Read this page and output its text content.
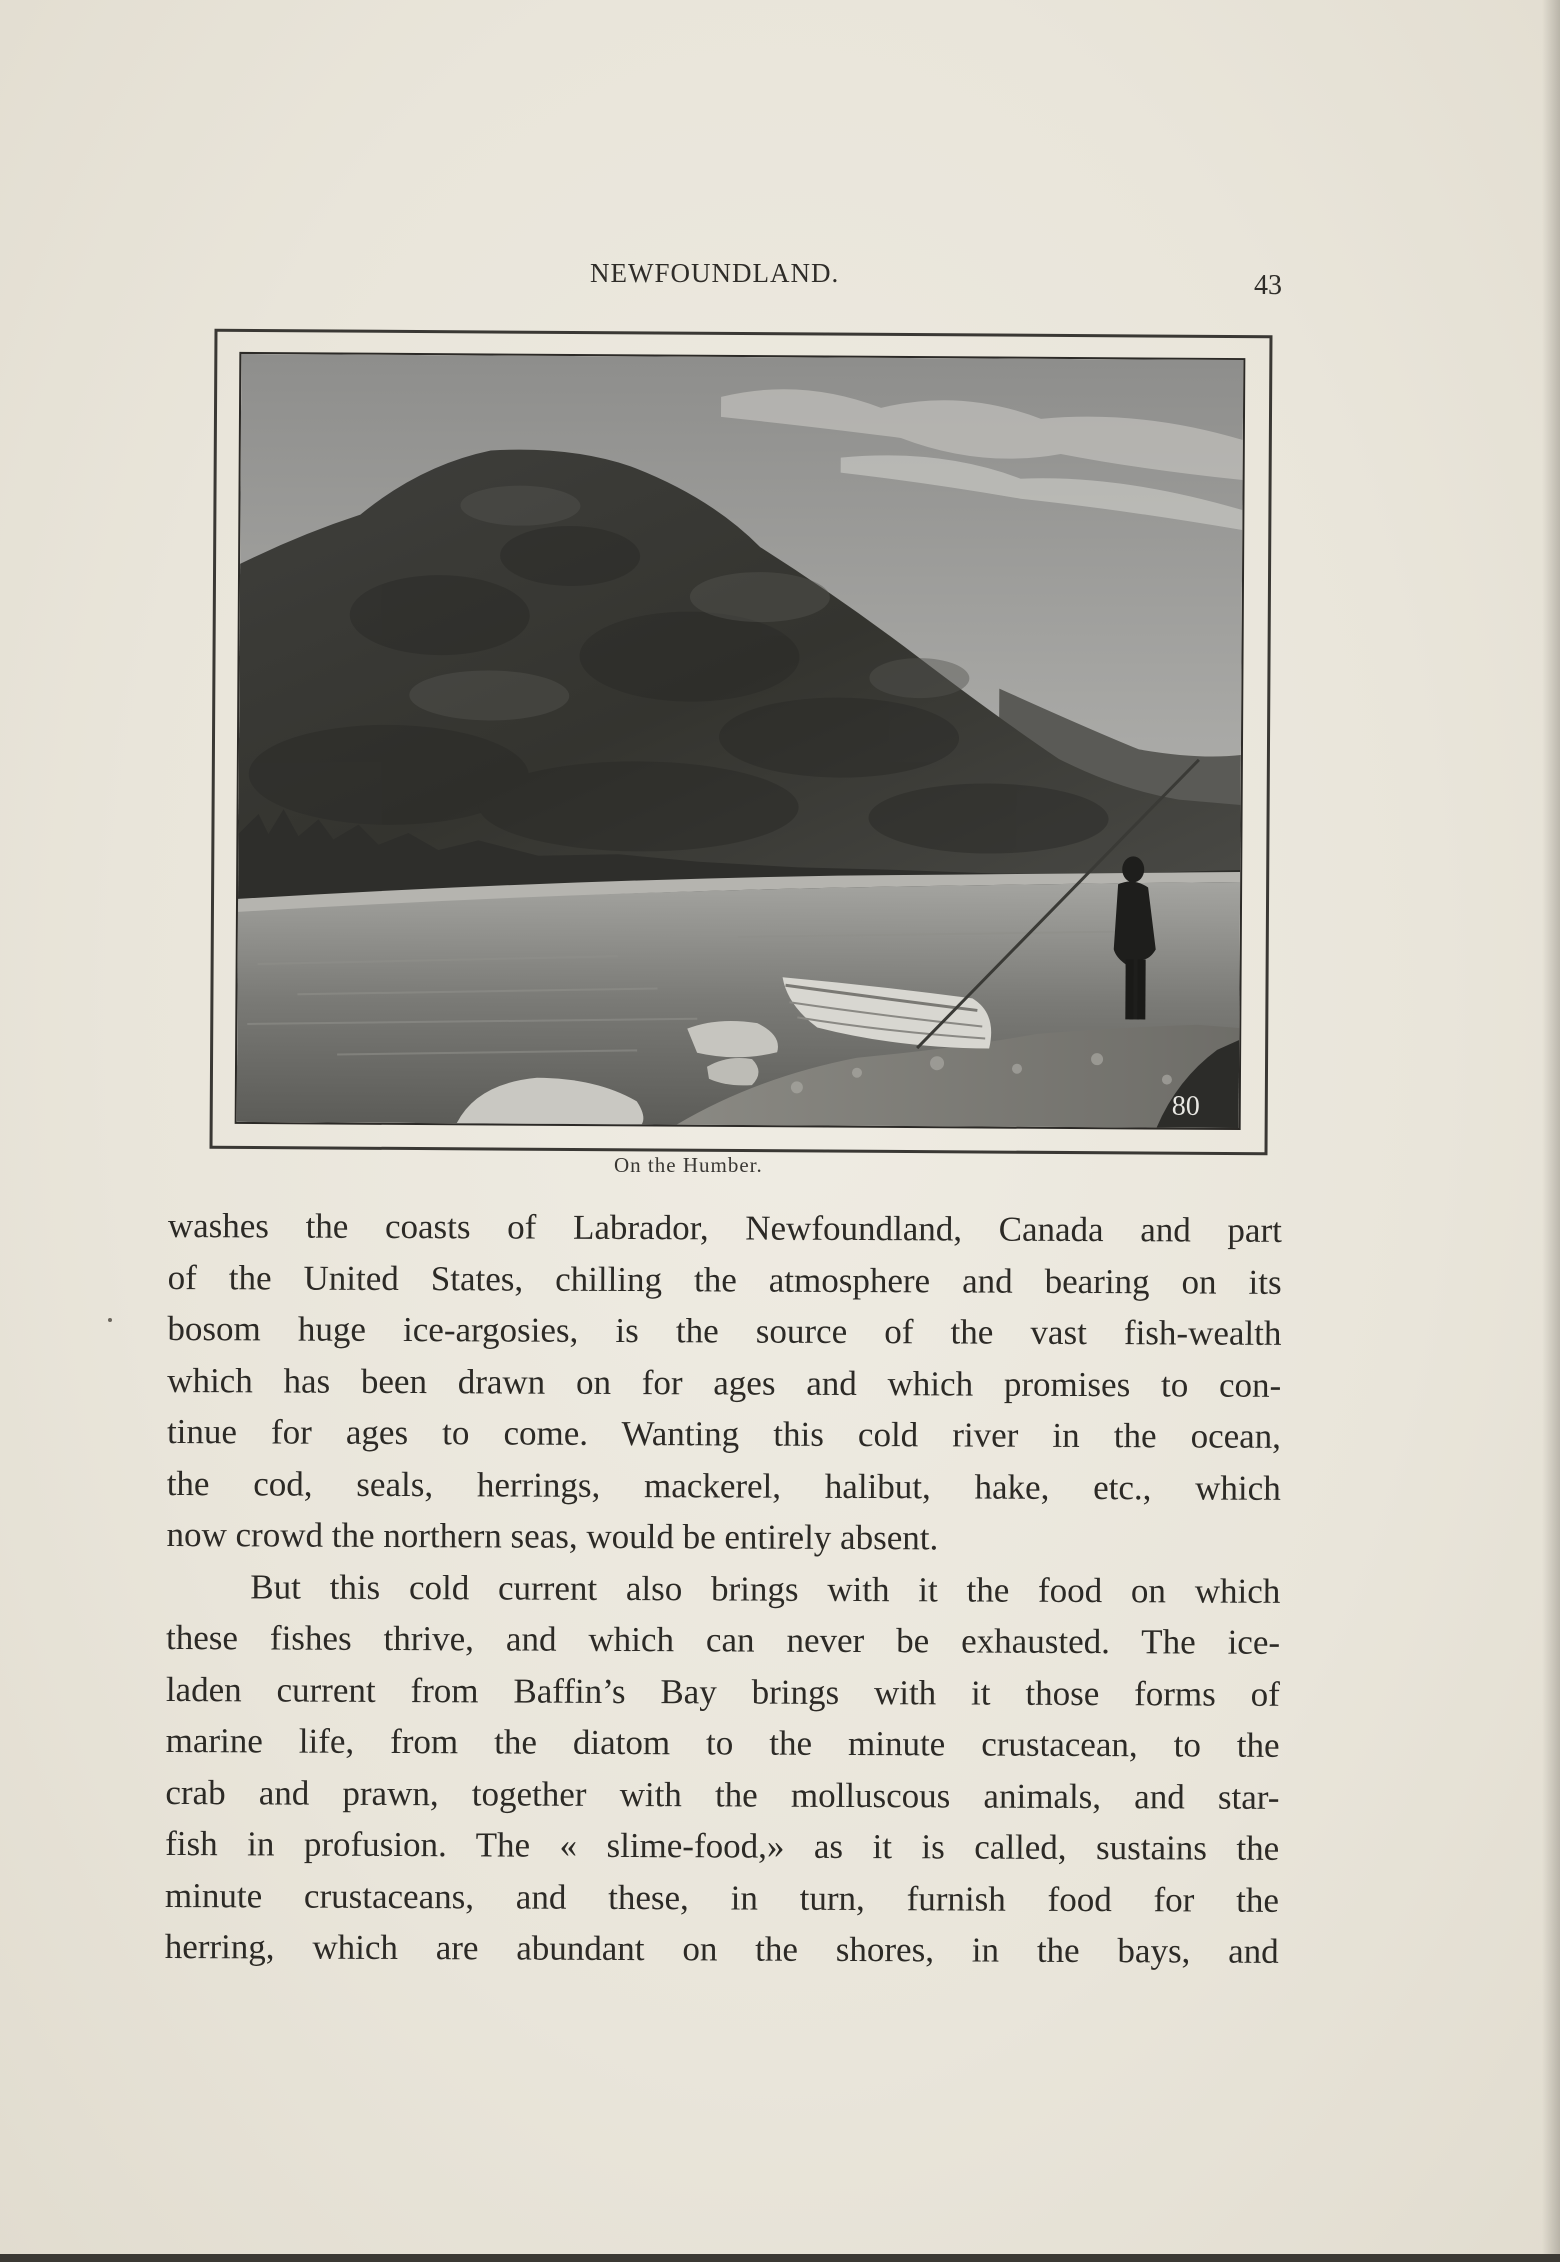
NEWFOUNDLAND.	43
80
On the Humber.
washes the coasts of Labrador, Newfoundland, Canada and part
of the United States, chilling the atmosphere and bearing on its
bosom huge ice-argosies, is the source of the vast fish-wealth
which has been drawn on for ages and which promises to con-
tinue for ages to come. Wanting this cold river in the ocean,
the cod, seals, herrings, mackerel, halibut, hake, etc., which
now crowd the northern seas, would be entirely absent.
But this cold current also brings with it the food on which
these fishes thrive, and which can never be exhausted. The ice-
laden current from Baffin’s Bay brings with it those forms of
marine life, from the diatom to the minute crustacean, to the
crab and prawn, together with the molluscous animals, and star-
fish in profusion. The « slime-food,» as it is called, sustains the
minute crustaceans, and these, in turn, furnish food for the
herring, which are abundant on the shores, in the bays, and
